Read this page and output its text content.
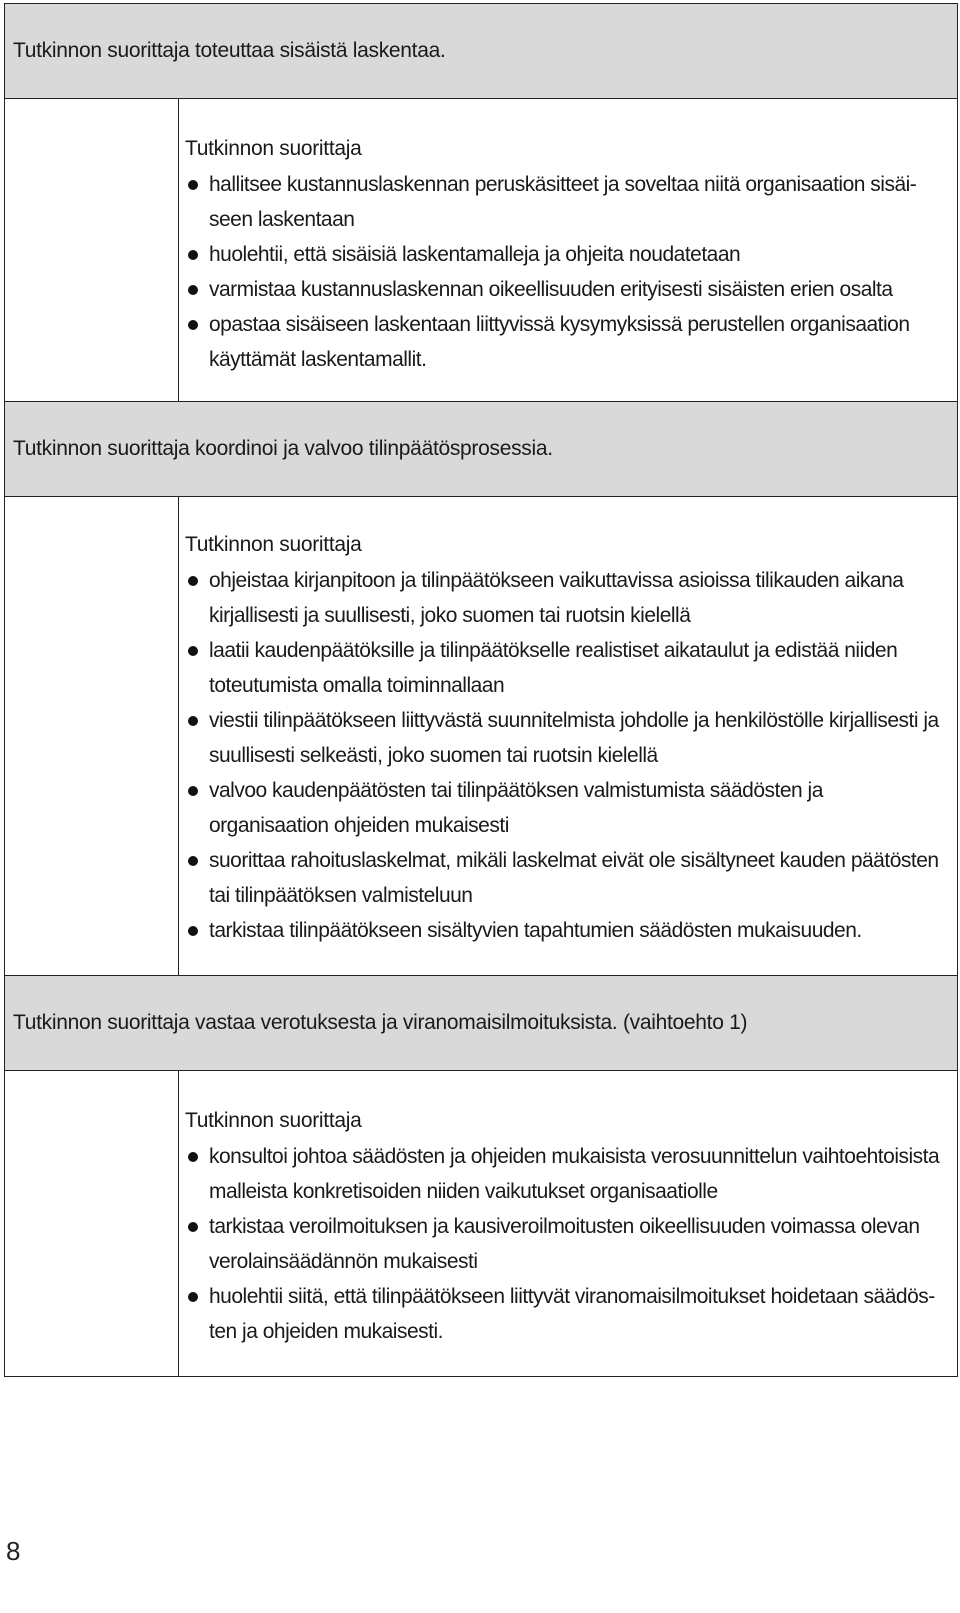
Tutkinnon suorittaja toteuttaa sisäistä laskentaa.
Tutkinnon suorittaja
hallitsee kustannuslaskennan peruskäsitteet ja soveltaa niitä organisaation sisäi-seen laskentaan
huolehtii, että sisäisiä laskentamalleja ja ohjeita noudatetaan
varmistaa kustannuslaskennan oikeellisuuden erityisesti sisäisten erien osalta
opastaa sisäiseen laskentaan liittyvissä kysymyksissä perustellen organisaation käyttämät laskentamallit.
Tutkinnon suorittaja koordinoi ja valvoo tilinpäätösprosessia.
Tutkinnon suorittaja
ohjeistaa kirjanpitoon ja tilinpäätökseen vaikuttavissa asioissa tilikauden aikana kirjallisesti ja suullisesti, joko suomen tai ruotsin kielellä
laatii kaudenpäätöksille ja tilinpäätökselle realistiset aikataulut ja edistää niiden toteutumista omalla toiminnallaan
viestii tilinpäätökseen liittyvästä suunnitelmista johdolle ja henkilöstölle kirjallisesti ja suullisesti selkeästi, joko suomen tai ruotsin kielellä
valvoo kaudenpäätösten tai tilinpäätöksen valmistumista säädösten ja organisaation ohjeiden mukaisesti
suorittaa rahoituslaskelmat, mikäli laskelmat eivät ole sisältyneet kauden päätösten tai tilinpäätöksen valmisteluun
tarkistaa tilinpäätökseen sisältyvien tapahtumien säädösten mukaisuuden.
Tutkinnon suorittaja vastaa verotuksesta ja viranomaisilmoituksista. (vaihtoehto 1)
Tutkinnon suorittaja
konsultoi johtoa säädösten ja ohjeiden mukaisista verosuunnittelun vaihtoehtoisista malleista konkretisoiden niiden vaikutukset organisaatiolle
tarkistaa veroilmoituksen ja kausiveroilmoitusten oikeellisuuden voimassa olevan verolainsäädännön mukaisesti
huolehtii siitä, että tilinpäätökseen liittyvät viranomaisilmoitukset hoidetaan säädös-ten ja ohjeiden mukaisesti.
8
